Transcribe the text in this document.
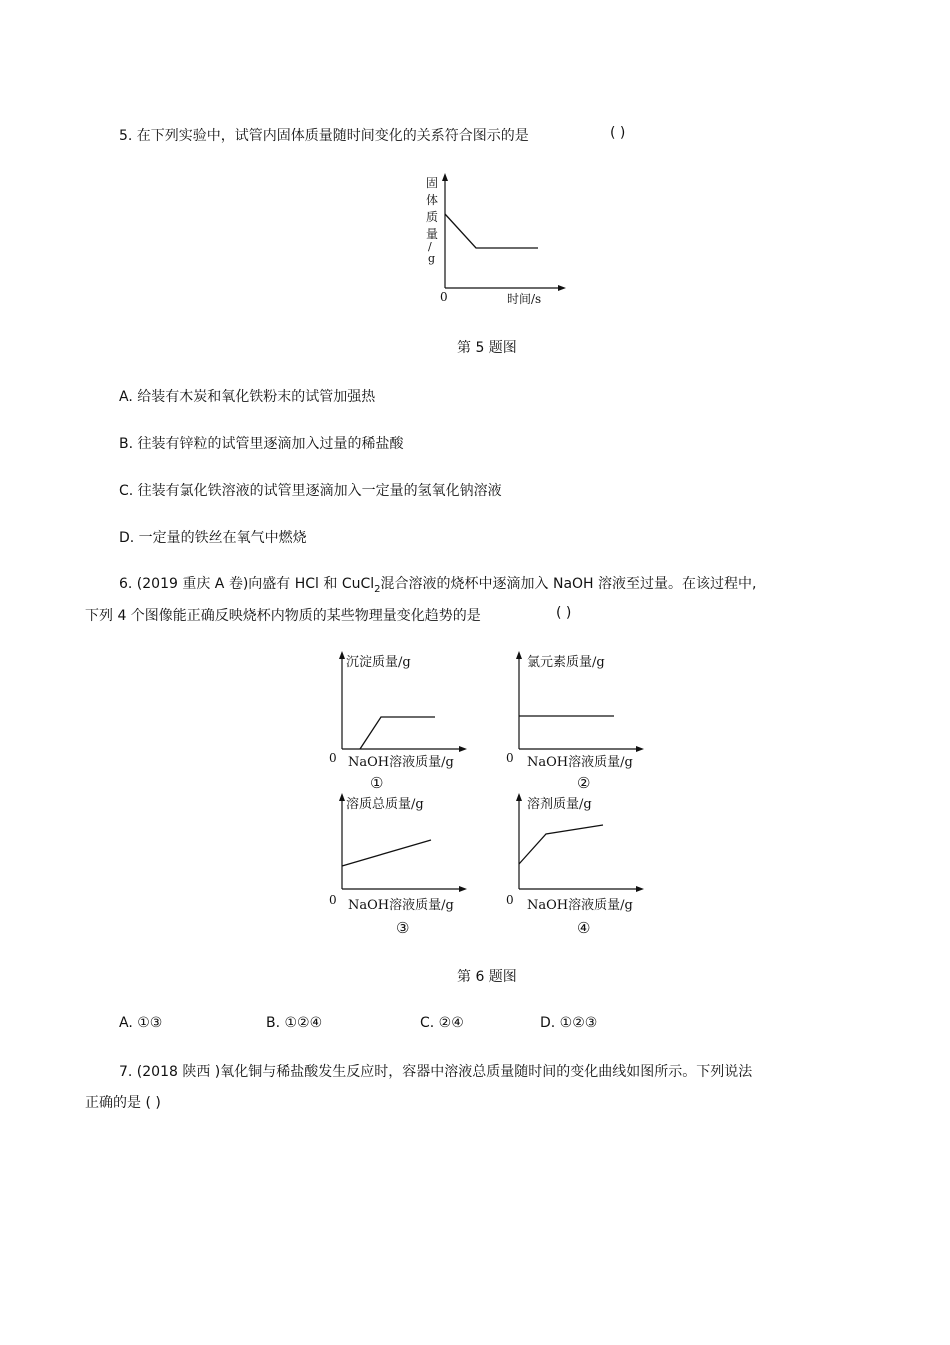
5. 在下列实验中，试管内固体质量随时间变化的关系符合图示的是	( )
固
体
质
量
/
g
0	时间/s
第 5 题图
A. 给装有木炭和氧化铁粉末的试管加强热
B. 往装有锌粒的试管里逐滴加入过量的稀盐酸
C. 往装有氯化铁溶液的试管里逐滴加入一定量的氢氧化钠溶液
D. 一定量的铁丝在氧气中燃烧
6. (2019 重庆 A 卷)向盛有 HCl 和 CuCl$_2$混合溶液的烧杯中逐滴加入 NaOH 溶液至过量。在该过程中,
下列 4 个图像能正确反映烧杯内物质的某些物理量变化趋势的是	( )
沉淀质量/g
0 NaOH溶液质量/g
①
氯元素质量/g
0 NaOH溶液质量/g
②
溶质总质量/g
0 NaOH溶液质量/g
③
溶剂质量/g
0 NaOH溶液质量/g
④
第 6 题图
A. ①③	B. ①②④	C. ②④	D. ①②③
7. (2018 陕西 )氧化铜与稀盐酸发生反应时，容器中溶液总质量随时间的变化曲线如图所示。下列说法
正确的是 ( )
